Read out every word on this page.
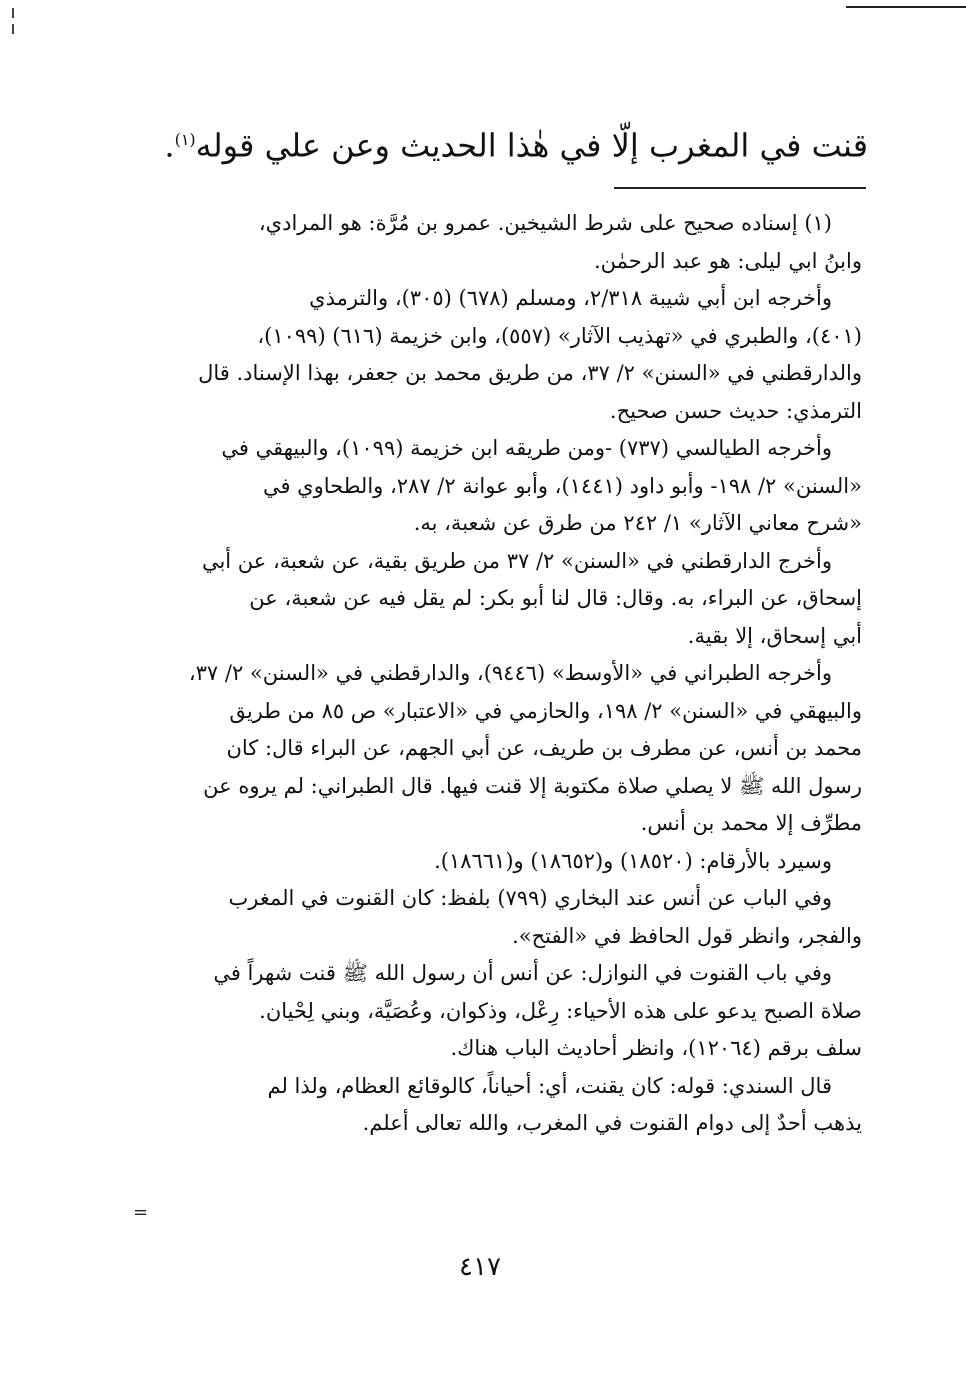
قنت في المغرب إلّا في هٰذا الحديث وعن علي قوله$^{(١)}$.
(١) إسناده صحيح على شرط الشيخين. عمرو بن مُرَّة: هو المرادي،
وابنُ ابي ليلى: هو عبد الرحمٰن.
وأخرجه ابن أبي شيبة ٢/٣١٨، ومسلم (٦٧٨) (٣٠٥)، والترمذي
(٤٠١)، والطبري في «تهذيب الآثار» (٥٥٧)، وابن خزيمة (٦١٦) (١٠٩٩)،
والدارقطني في «السنن» ٢/ ٣٧، من طريق محمد بن جعفر، بهذا الإسناد. قال
الترمذي: حديث حسن صحيح.
وأخرجه الطيالسي (٧٣٧) -ومن طريقه ابن خزيمة (١٠٩٩)، والبيهقي في
«السنن» ٢/ ١٩٨- وأبو داود (١٤٤١)، وأبو عوانة ٢/ ٢٨٧، والطحاوي في
«شرح معاني الآثار» ١/ ٢٤٢ من طرق عن شعبة، به.
وأخرج الدارقطني في «السنن» ٢/ ٣٧ من طريق بقية، عن شعبة، عن أبي
إسحاق، عن البراء، به. وقال: قال لنا أبو بكر: لم يقل فيه عن شعبة، عن
أبي إسحاق، إلا بقية.
وأخرجه الطبراني في «الأوسط» (٩٤٤٦)، والدارقطني في «السنن» ٢/ ٣٧،
والبيهقي في «السنن» ٢/ ١٩٨، والحازمي في «الاعتبار» ص ٨٥ من طريق
محمد بن أنس، عن مطرف بن طريف، عن أبي الجهم، عن البراء قال: كان
رسول الله ﷺ لا يصلي صلاة مكتوبة إلا قنت فيها. قال الطبراني: لم يروه عن
مطرِّف إلا محمد بن أنس.
وسيرد بالأرقام: (١٨٥٢٠) و(١٨٦٥٢) و(١٨٦٦١).
وفي الباب عن أنس عند البخاري (٧٩٩) بلفظ: كان القنوت في المغرب
والفجر، وانظر قول الحافظ في «الفتح».
وفي باب القنوت في النوازل: عن أنس أن رسول الله ﷺ قنت شهراً في
صلاة الصبح يدعو على هذه الأحياء: رِعْل، وذكوان، وعُصَيَّة، وبني لِحْيان.
سلف برقم (١٢٠٦٤)، وانظر أحاديث الباب هناك.
قال السندي: قوله: كان يقنت، أي: أحياناً، كالوقائع العظام، ولذا لم
يذهب أحدٌ إلى دوام القنوت في المغرب، والله تعالى أعلم.
=
٤١٧
